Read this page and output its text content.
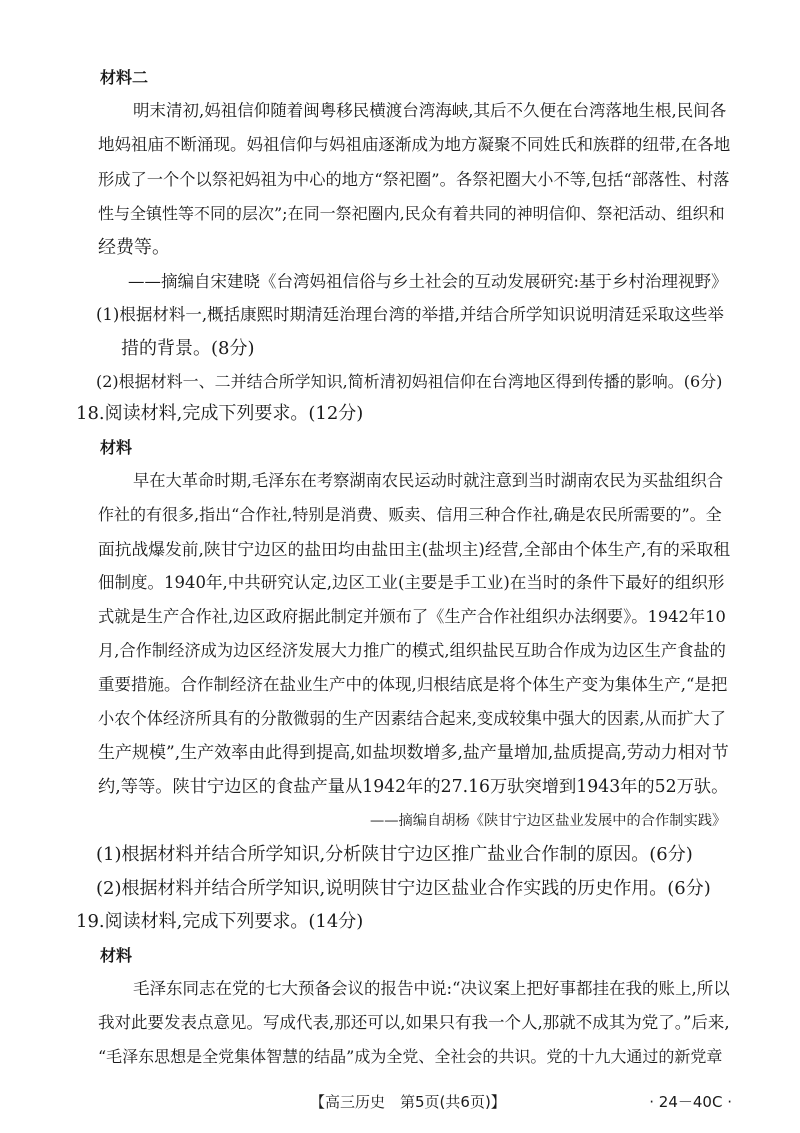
材料二
明末清初,妈祖信仰随着闽粤移民横渡台湾海峡,其后不久便在台湾落地生根,民间各
地妈祖庙不断涌现。妈祖信仰与妈祖庙逐渐成为地方凝聚不同姓氏和族群的纽带,在各地
形成了一个个以祭祀妈祖为中心的地方“祭祀圈”。各祭祀圈大小不等,包括“部落性、村落
性与全镇性等不同的层次”;在同一祭祀圈内,民众有着共同的神明信仰、祭祀活动、组织和
经费等。
——摘编自宋建晓《台湾妈祖信俗与乡土社会的互动发展研究:基于乡村治理视野》
(1)根据材料一,概括康熙时期清廷治理台湾的举措,并结合所学知识说明清廷采取这些举
措的背景。(8分)
(2)根据材料一、二并结合所学知识,简析清初妈祖信仰在台湾地区得到传播的影响。(6分)
18.阅读材料,完成下列要求。(12分)
材料
早在大革命时期,毛泽东在考察湖南农民运动时就注意到当时湖南农民为买盐组织合
作社的有很多,指出“合作社,特别是消费、贩卖、信用三种合作社,确是农民所需要的”。全
面抗战爆发前,陕甘宁边区的盐田均由盐田主(盐坝主)经营,全部由个体生产,有的采取租
佃制度。1940年,中共研究认定,边区工业(主要是手工业)在当时的条件下最好的组织形
式就是生产合作社,边区政府据此制定并颁布了《生产合作社组织办法纲要》。1942年10
月,合作制经济成为边区经济发展大力推广的模式,组织盐民互助合作成为边区生产食盐的
重要措施。合作制经济在盐业生产中的体现,归根结底是将个体生产变为集体生产,“是把
小农个体经济所具有的分散微弱的生产因素结合起来,变成较集中强大的因素,从而扩大了
生产规模”,生产效率由此得到提高,如盐坝数增多,盐产量增加,盐质提高,劳动力相对节
约,等等。陕甘宁边区的食盐产量从1942年的27.16万驮突增到1943年的52万驮。
——摘编自胡杨《陕甘宁边区盐业发展中的合作制实践》
(1)根据材料并结合所学知识,分析陕甘宁边区推广盐业合作制的原因。(6分)
(2)根据材料并结合所学知识,说明陕甘宁边区盐业合作实践的历史作用。(6分)
19.阅读材料,完成下列要求。(14分)
材料
毛泽东同志在党的七大预备会议的报告中说:“决议案上把好事都挂在我的账上,所以
我对此要发表点意见。写成代表,那还可以,如果只有我一个人,那就不成其为党了。”后来,
“毛泽东思想是全党集体智慧的结晶”成为全党、全社会的共识。党的十九大通过的新党章
【高三历史　第5页(共6页)】	· 24－40C ·
